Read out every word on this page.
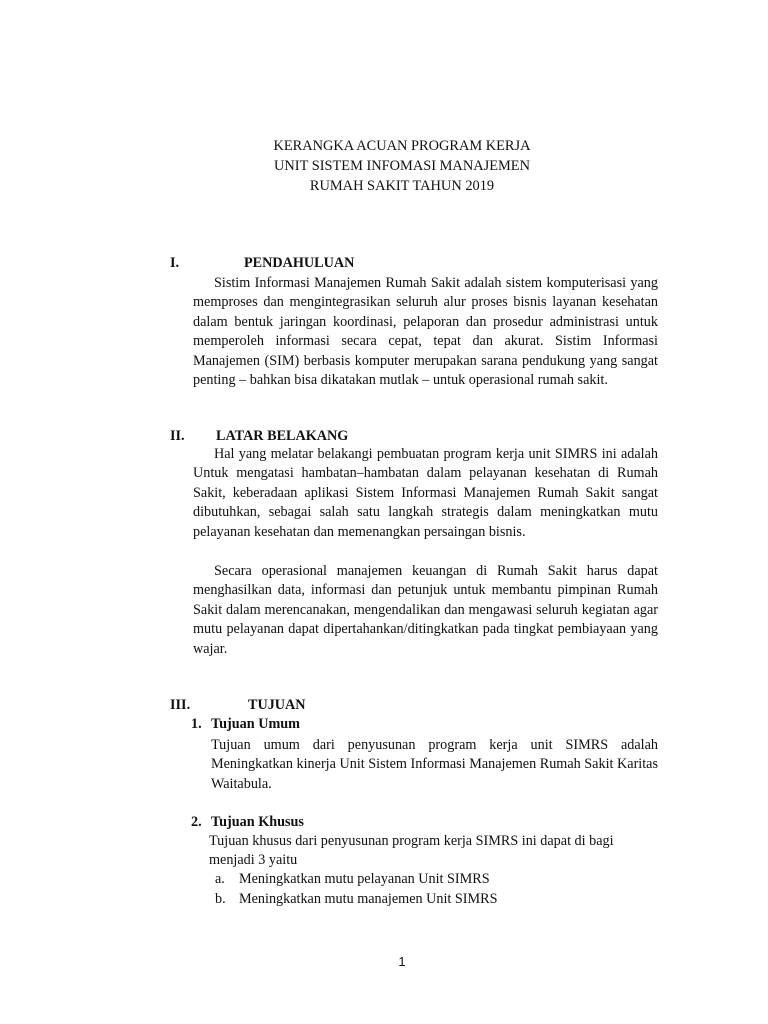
KERANGKA ACUAN PROGRAM KERJA
UNIT SISTEM INFOMASI MANAJEMEN
RUMAH SAKIT TAHUN 2019
I.	PENDAHULUAN
Sistim Informasi Manajemen Rumah Sakit adalah sistem komputerisasi yang memproses dan mengintegrasikan seluruh alur proses bisnis layanan kesehatan dalam bentuk jaringan koordinasi, pelaporan dan prosedur administrasi untuk memperoleh informasi secara cepat, tepat dan akurat. Sistim Informasi Manajemen (SIM) berbasis komputer merupakan sarana pendukung yang sangat penting – bahkan bisa dikatakan mutlak – untuk operasional rumah sakit.
II. LATAR BELAKANG
Hal yang melatar belakangi pembuatan program kerja unit SIMRS ini adalah Untuk mengatasi hambatan–hambatan dalam pelayanan kesehatan di Rumah Sakit, keberadaan aplikasi Sistem Informasi Manajemen Rumah Sakit sangat dibutuhkan, sebagai salah satu langkah strategis dalam meningkatkan mutu pelayanan kesehatan dan memenangkan persaingan bisnis.
Secara operasional manajemen keuangan di Rumah Sakit harus dapat menghasilkan data, informasi dan petunjuk untuk membantu pimpinan Rumah Sakit dalam merencanakan, mengendalikan dan mengawasi seluruh kegiatan agar mutu pelayanan dapat dipertahankan/ditingkatkan pada tingkat pembiayaan yang wajar.
III.	TUJUAN
1. Tujuan Umum
Tujuan umum dari penyusunan program kerja unit SIMRS adalah Meningkatkan kinerja Unit Sistem Informasi Manajemen Rumah Sakit Karitas Waitabula.
2. Tujuan Khusus
Tujuan khusus dari penyusunan program kerja SIMRS ini dapat di bagi menjadi 3 yaitu
a. Meningkatkan mutu pelayanan Unit SIMRS
b. Meningkatkan mutu manajemen Unit SIMRS
1
